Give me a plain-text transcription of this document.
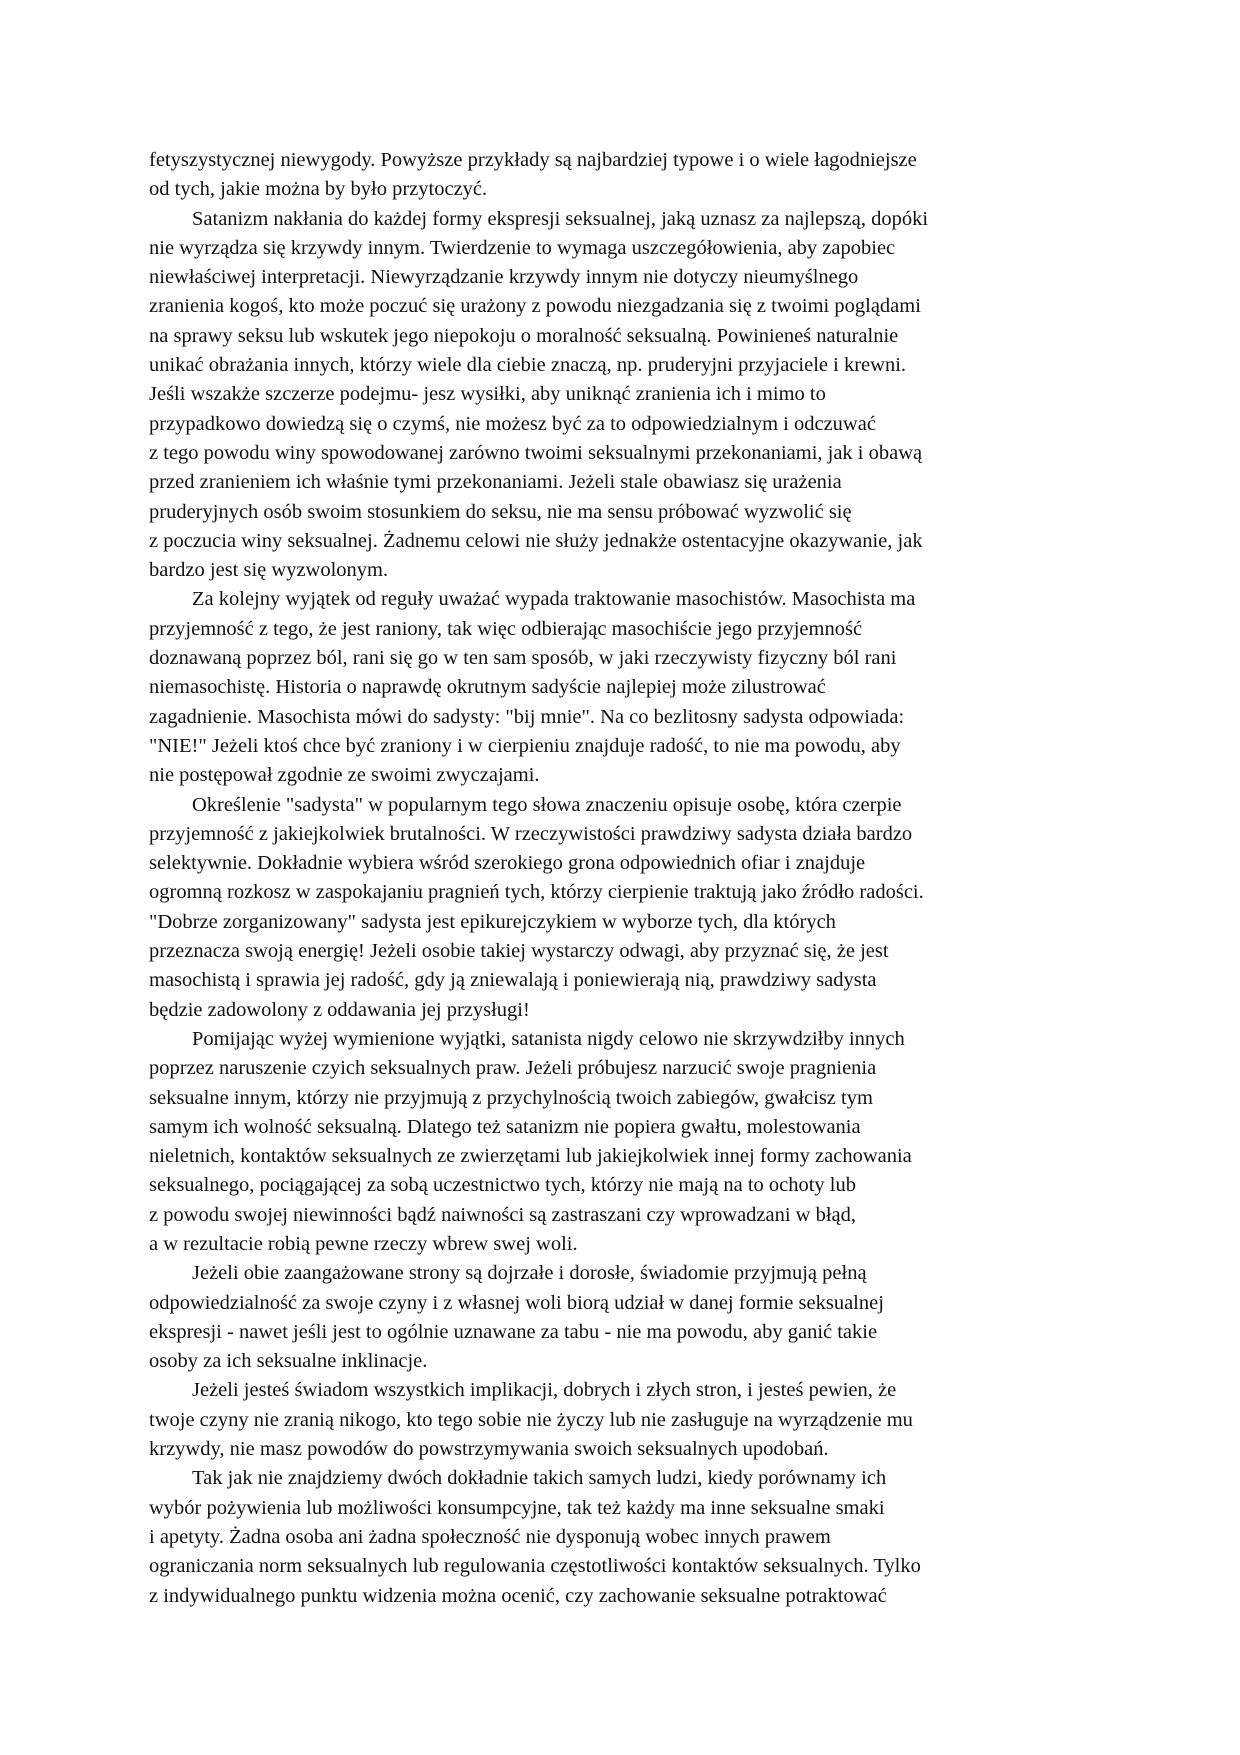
fetyszystycznej niewygody. Powyższe przykłady są najbardziej typowe i o wiele łagodniejsze
od tych, jakie można by było przytoczyć.
Satanizm nakłania do każdej formy ekspresji seksualnej, jaką uznasz za najlepszą, dopóki
nie wyrządza się krzywdy innym. Twierdzenie to wymaga uszczegółowienia, aby zapobiec
niewłaściwej interpretacji. Niewyrządzanie krzywdy innym nie dotyczy nieumyślnego
zranienia kogoś, kto może poczuć się urażony z powodu niezgadzania się z twoimi poglądami
na sprawy seksu lub wskutek jego niepokoju o moralność seksualną. Powinieneś naturalnie
unikać obrażania innych, którzy wiele dla ciebie znaczą, np. pruderyjni przyjaciele i krewni.
Jeśli wszakże szczerze podejmu- jesz wysiłki, aby uniknąć zranienia ich i mimo to
przypadkowo dowiedzą się o czymś, nie możesz być za to odpowiedzialnym i odczuwać
z tego powodu winy spowodowanej zarówno twoimi seksualnymi przekonaniami, jak i obawą
przed zranieniem ich właśnie tymi przekonaniami. Jeżeli stale obawiasz się urażenia
pruderyjnych osób swoim stosunkiem do seksu, nie ma sensu próbować wyzwolić się
z poczucia winy seksualnej. Żadnemu celowi nie służy jednakże ostentacyjne okazywanie, jak
bardzo jest się wyzwolonym.
Za kolejny wyjątek od reguły uważać wypada traktowanie masochistów. Masochista ma
przyjemność z tego, że jest raniony, tak więc odbierając masochiście jego przyjemność
doznawaną poprzez ból, rani się go w ten sam sposób, w jaki rzeczywisty fizyczny ból rani
niemasochistę. Historia o naprawdę okrutnym sadyście najlepiej może zilustrować
zagadnienie. Masochista mówi do sadysty: "bij mnie". Na co bezlitosny sadysta odpowiada:
"NIE!" Jeżeli ktoś chce być zraniony i w cierpieniu znajduje radość, to nie ma powodu, aby
nie postępował zgodnie ze swoimi zwyczajami.
Określenie "sadysta" w popularnym tego słowa znaczeniu opisuje osobę, która czerpie
przyjemność z jakiejkolwiek brutalności. W rzeczywistości prawdziwy sadysta działa bardzo
selektywnie. Dokładnie wybiera wśród szerokiego grona odpowiednich ofiar i znajduje
ogromną rozkosz w zaspokajaniu pragnień tych, którzy cierpienie traktują jako źródło radości.
"Dobrze zorganizowany" sadysta jest epikurejczykiem w wyborze tych, dla których
przeznacza swoją energię! Jeżeli osobie takiej wystarczy odwagi, aby przyznać się, że jest
masochistą i sprawia jej radość, gdy ją zniewalają i poniewierają nią, prawdziwy sadysta
będzie zadowolony z oddawania jej przysługi!
Pomijając wyżej wymienione wyjątki, satanista nigdy celowo nie skrzywdziłby innych
poprzez naruszenie czyich seksualnych praw. Jeżeli próbujesz narzucić swoje pragnienia
seksualne innym, którzy nie przyjmują z przychylnością twoich zabiegów, gwałcisz tym
samym ich wolność seksualną. Dlatego też satanizm nie popiera gwałtu, molestowania
nieletnich, kontaktów seksualnych ze zwierzętami lub jakiejkolwiek innej formy zachowania
seksualnego, pociągającej za sobą uczestnictwo tych, którzy nie mają na to ochoty lub
z powodu swojej niewinności bądź naiwności są zastraszani czy wprowadzani w błąd,
a w rezultacie robią pewne rzeczy wbrew swej woli.
Jeżeli obie zaangażowane strony są dojrzałe i dorosłe, świadomie przyjmują pełną
odpowiedzialność za swoje czyny i z własnej woli biorą udział w danej formie seksualnej
ekspresji - nawet jeśli jest to ogólnie uznawane za tabu - nie ma powodu, aby ganić takie
osoby za ich seksualne inklinacje.
Jeżeli jesteś świadom wszystkich implikacji, dobrych i złych stron, i jesteś pewien, że
twoje czyny nie zranią nikogo, kto tego sobie nie życzy lub nie zasługuje na wyrządzenie mu
krzywdy, nie masz powodów do powstrzymywania swoich seksualnych upodobań.
Tak jak nie znajdziemy dwóch dokładnie takich samych ludzi, kiedy porównamy ich
wybór pożywienia lub możliwości konsumpcyjne, tak też każdy ma inne seksualne smaki
i apetyty. Żadna osoba ani żadna społeczność nie dysponują wobec innych prawem
ograniczania norm seksualnych lub regulowania częstotliwości kontaktów seksualnych. Tylko
z indywidualnego punktu widzenia można ocenić, czy zachowanie seksualne potraktować
